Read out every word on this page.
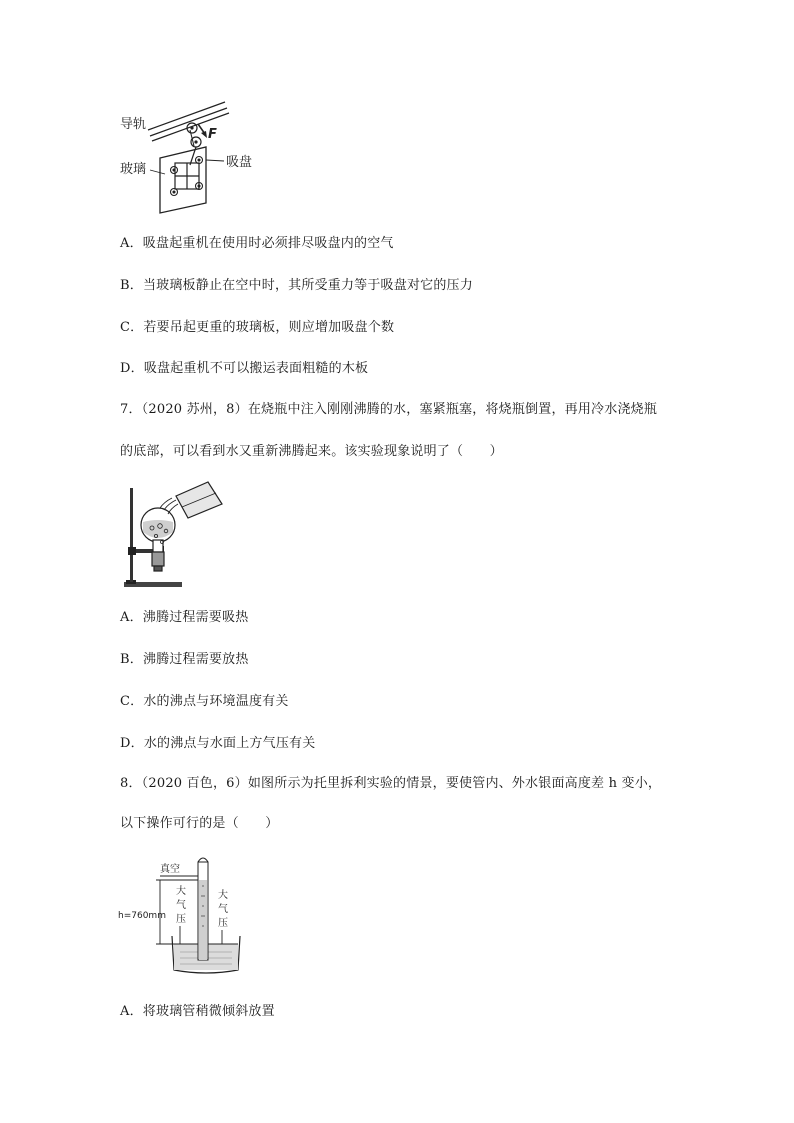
导轨
F
玻璃	吸盘
A．吸盘起重机在使用时必须排尽吸盘内的空气
B．当玻璃板静止在空中时，其所受重力等于吸盘对它的压力
C．若要吊起更重的玻璃板，则应增加吸盘个数
D．吸盘起重机不可以搬运表面粗糙的木板
7．（2020 苏州，8）在烧瓶中注入刚刚沸腾的水，塞紧瓶塞，将烧瓶倒置，再用冷水浇烧瓶
的底部，可以看到水又重新沸腾起来。该实验现象说明了（　　）
A．沸腾过程需要吸热
B．沸腾过程需要放热
C．水的沸点与环境温度有关
D．水的沸点与水面上方气压有关
8．（2020 百色，6）如图所示为托里拆利实验的情景，要使管内、外水银面高度差 h 变小，
以下操作可行的是（　　）
真空
h=760mm
大
气
压
大
气
压
A．将玻璃管稍微倾斜放置
